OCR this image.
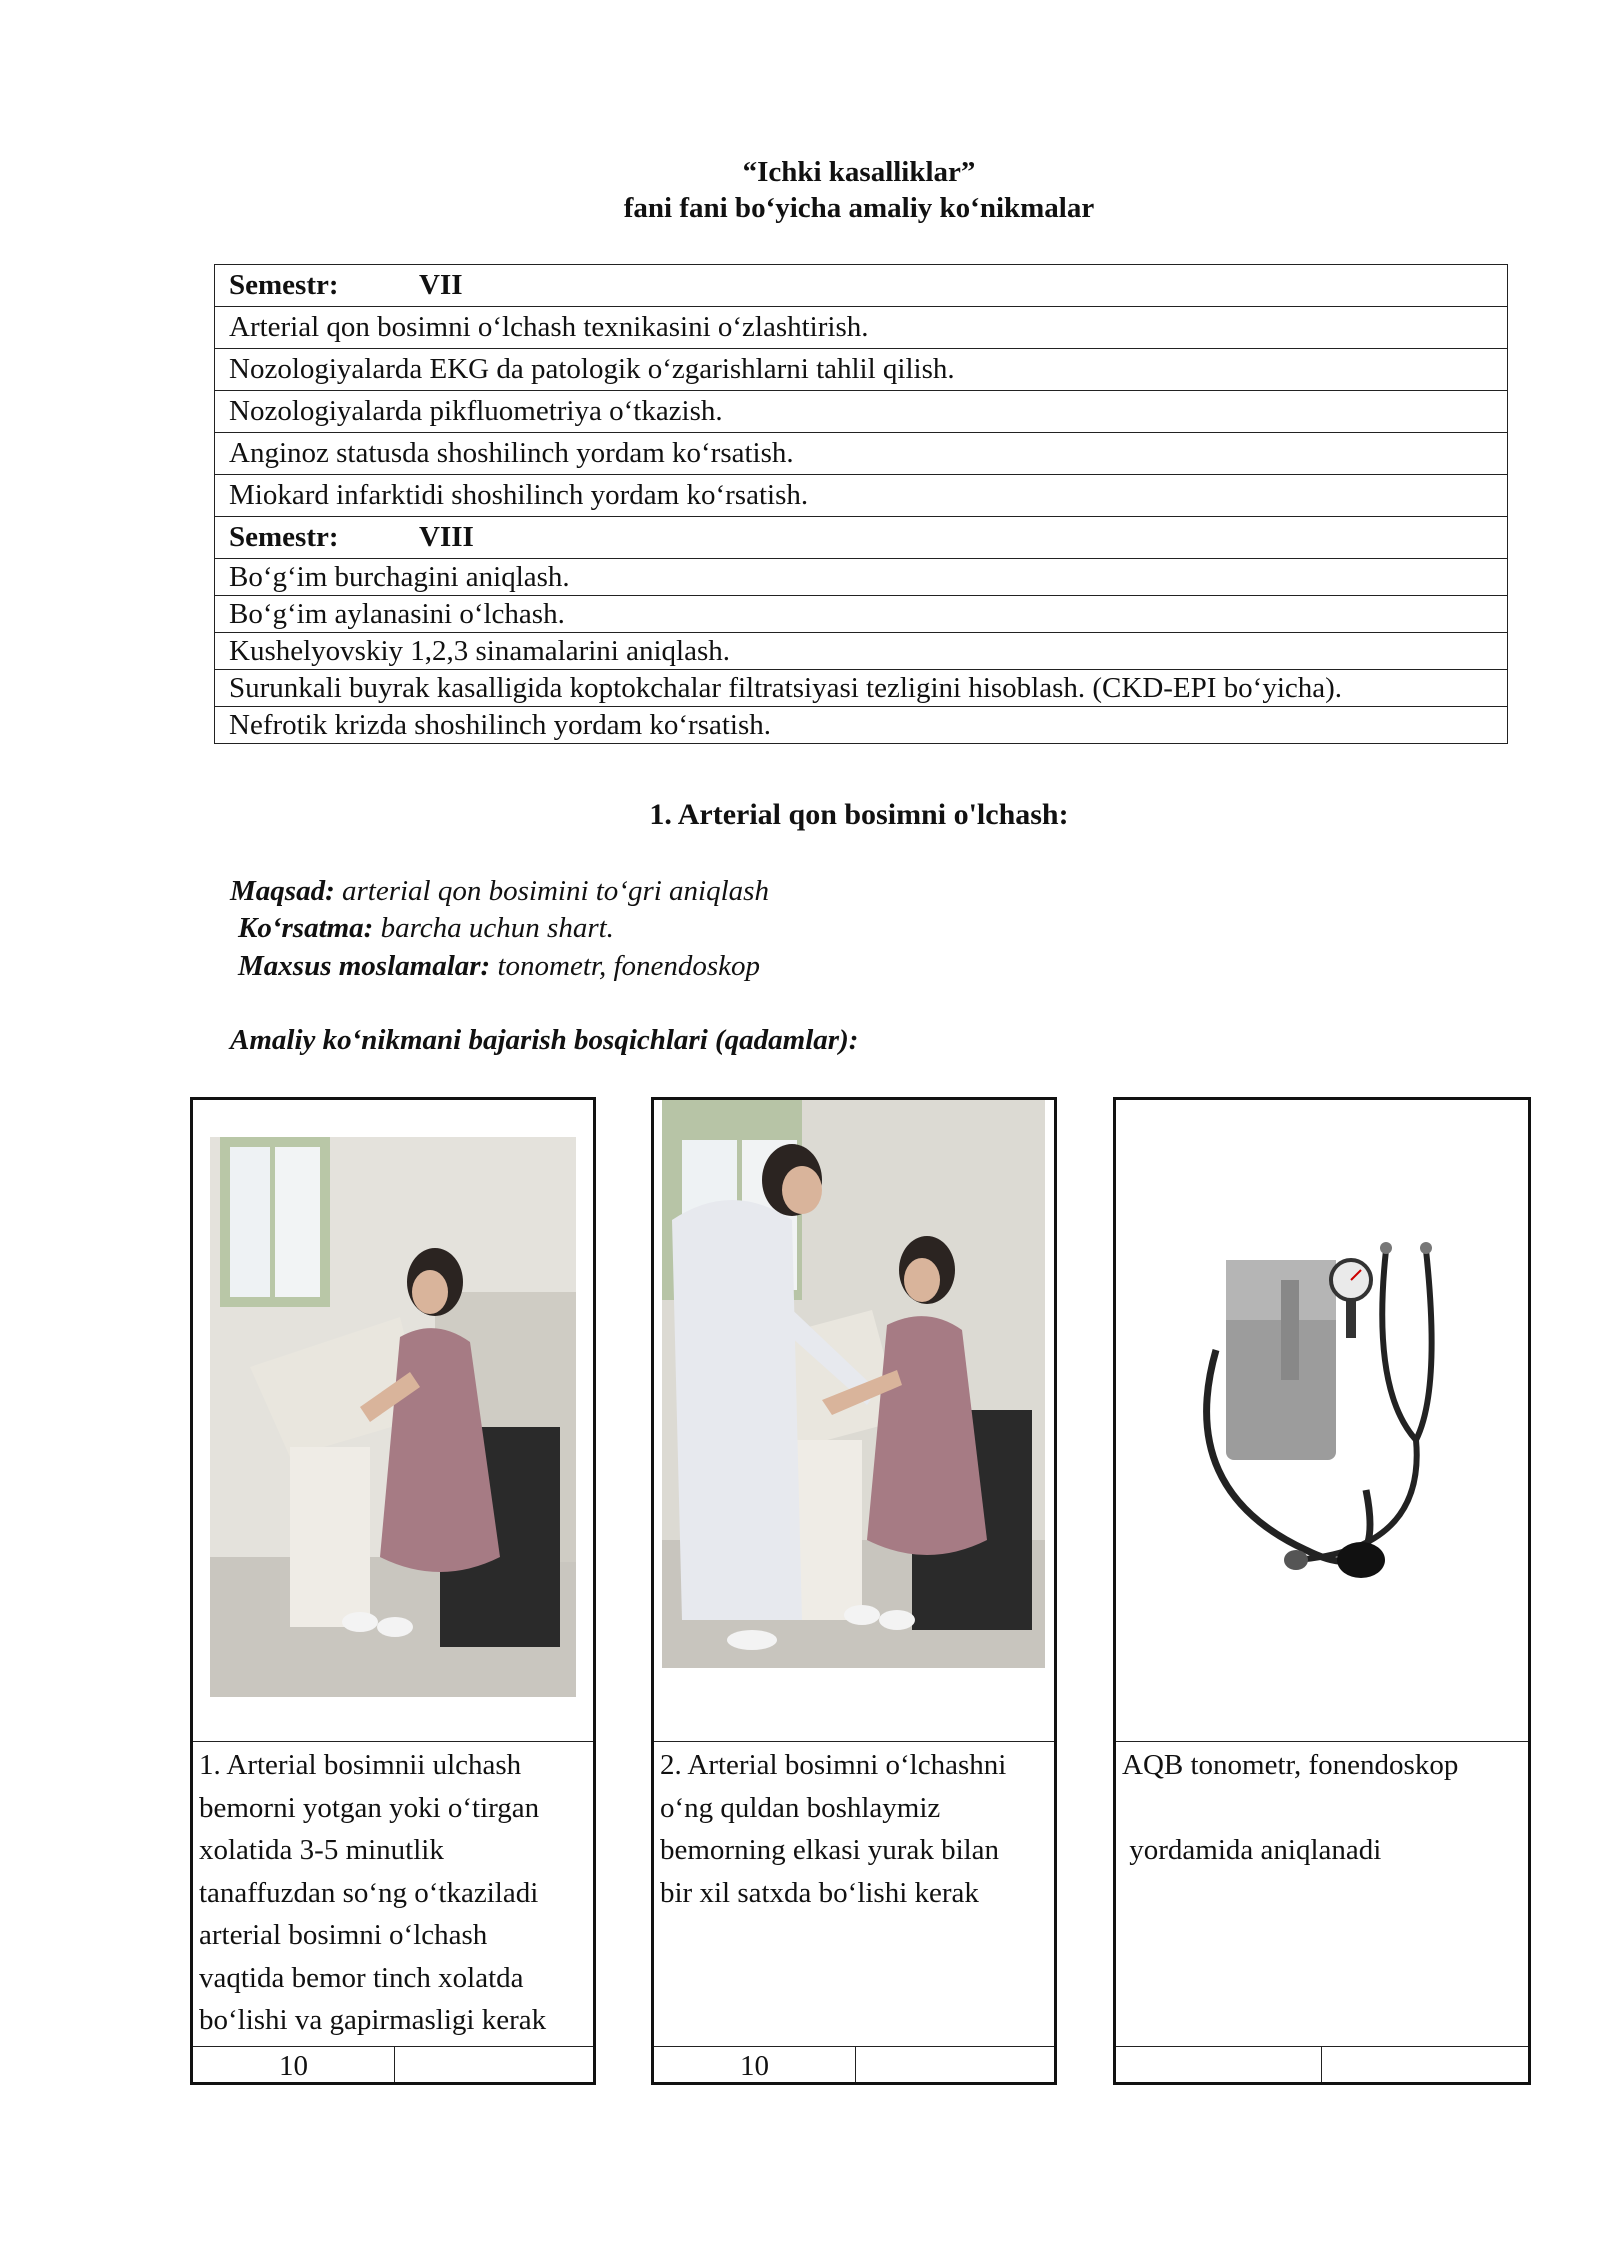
“Ichki kasalliklar”
fani fani bo‘yicha amaliy ko‘nikmalar
Semestr:	VII
Arterial qon bosimni o‘lchash texnikasini o‘zlashtirish.
Nozologiyalarda EKG da patologik o‘zgarishlarni tahlil qilish.
Nozologiyalarda pikfluometriya o‘tkazish.
Anginoz statusda shoshilinch yordam ko‘rsatish.
Miokard infarktidi shoshilinch yordam ko‘rsatish.
Semestr:	VIII
Bo‘g‘im burchagini aniqlash.
Bo‘g‘im aylanasini o‘lchash.
Kushelyovskiy 1,2,3 sinamalarini aniqlash.
Surunkali buyrak kasalligida koptokchalar filtratsiyasi tezligini hisoblash. (CKD-EPI bo‘yicha).
Nefrotik krizda shoshilinch yordam ko‘rsatish.
1. Arterial qon bosimni o'lchash:
Maqsad: arterial qon bosimini to‘gri aniqlash
Ko‘rsatma: barcha uchun shart.
Maxsus moslamalar: tonometr, fonendoskop
Amaliy ko‘nikmani bajarish bosqichlari (qadamlar):
1. Arterial bosimnii ulchash
bemorni yotgan yoki o‘tirgan
xolatida 3-5 minutlik
tanaffuzdan so‘ng o‘tkaziladi
arterial bosimni o‘lchash
vaqtida bemor tinch xolatda
bo‘lishi va gapirmasligi kerak
10
2. Arterial bosimni o‘lchashni
o‘ng quldan boshlaymiz
bemorning elkasi yurak bilan
bir xil satxda bo‘lishi kerak
10
AQB tonometr, fonendoskop
yordamida aniqlanadi
